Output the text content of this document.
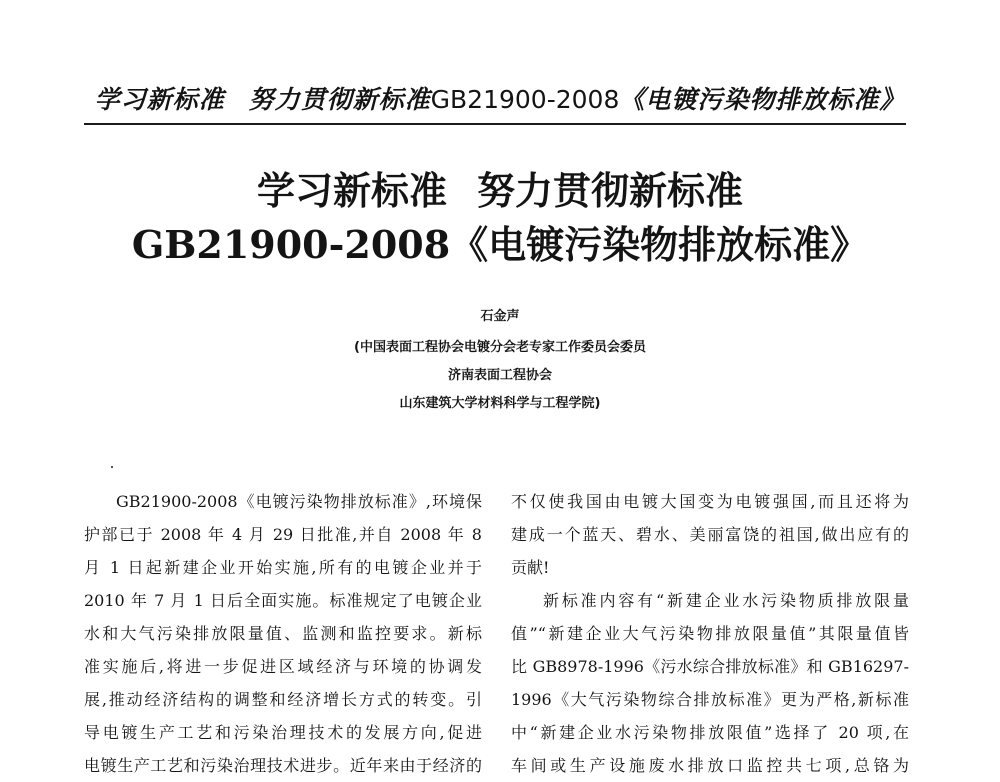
学习新标准 努力贯彻新标准GB21900-2008《电镀污染物排放标准》
学习新标准 努力贯彻新标准
GB21900-2008《电镀污染物排放标准》
石金声
(中国表面工程协会电镀分会老专家工作委员会委员
济南表面工程协会
山东建筑大学材料科学与工程学院)
GB21900-2008《电镀污染物排放标准》,环境保
护部已于 2008 年 4 月 29 日批准,并自 2008 年 8
月 1 日起新建企业开始实施,所有的电镀企业并于
2010 年 7 月 1 日后全面实施。标准规定了电镀企业
水和大气污染排放限量值、监测和监控要求。新标
准实施后,将进一步促进区域经济与环境的协调发
展,推动经济结构的调整和经济增长方式的转变。引
导电镀生产工艺和污染治理技术的发展方向,促进
电镀生产工艺和污染治理技术进步。近年来由于经济的
不仅使我国由电镀大国变为电镀强国,而且还将为
建成一个蓝天、碧水、美丽富饶的祖国,做出应有的
贡献!
新标准内容有“新建企业水污染物质排放限量
值”“新建企业大气污染物排放限量值”其限量值皆
比 GB8978-1996《污水综合排放标准》和 GB16297-
1996《大气污染物综合排放标准》更为严格,新标准
中“新建企业水污染物排放限值”选择了 20 项,在
车间或生产设施废水排放口监控共七项,总铬为
